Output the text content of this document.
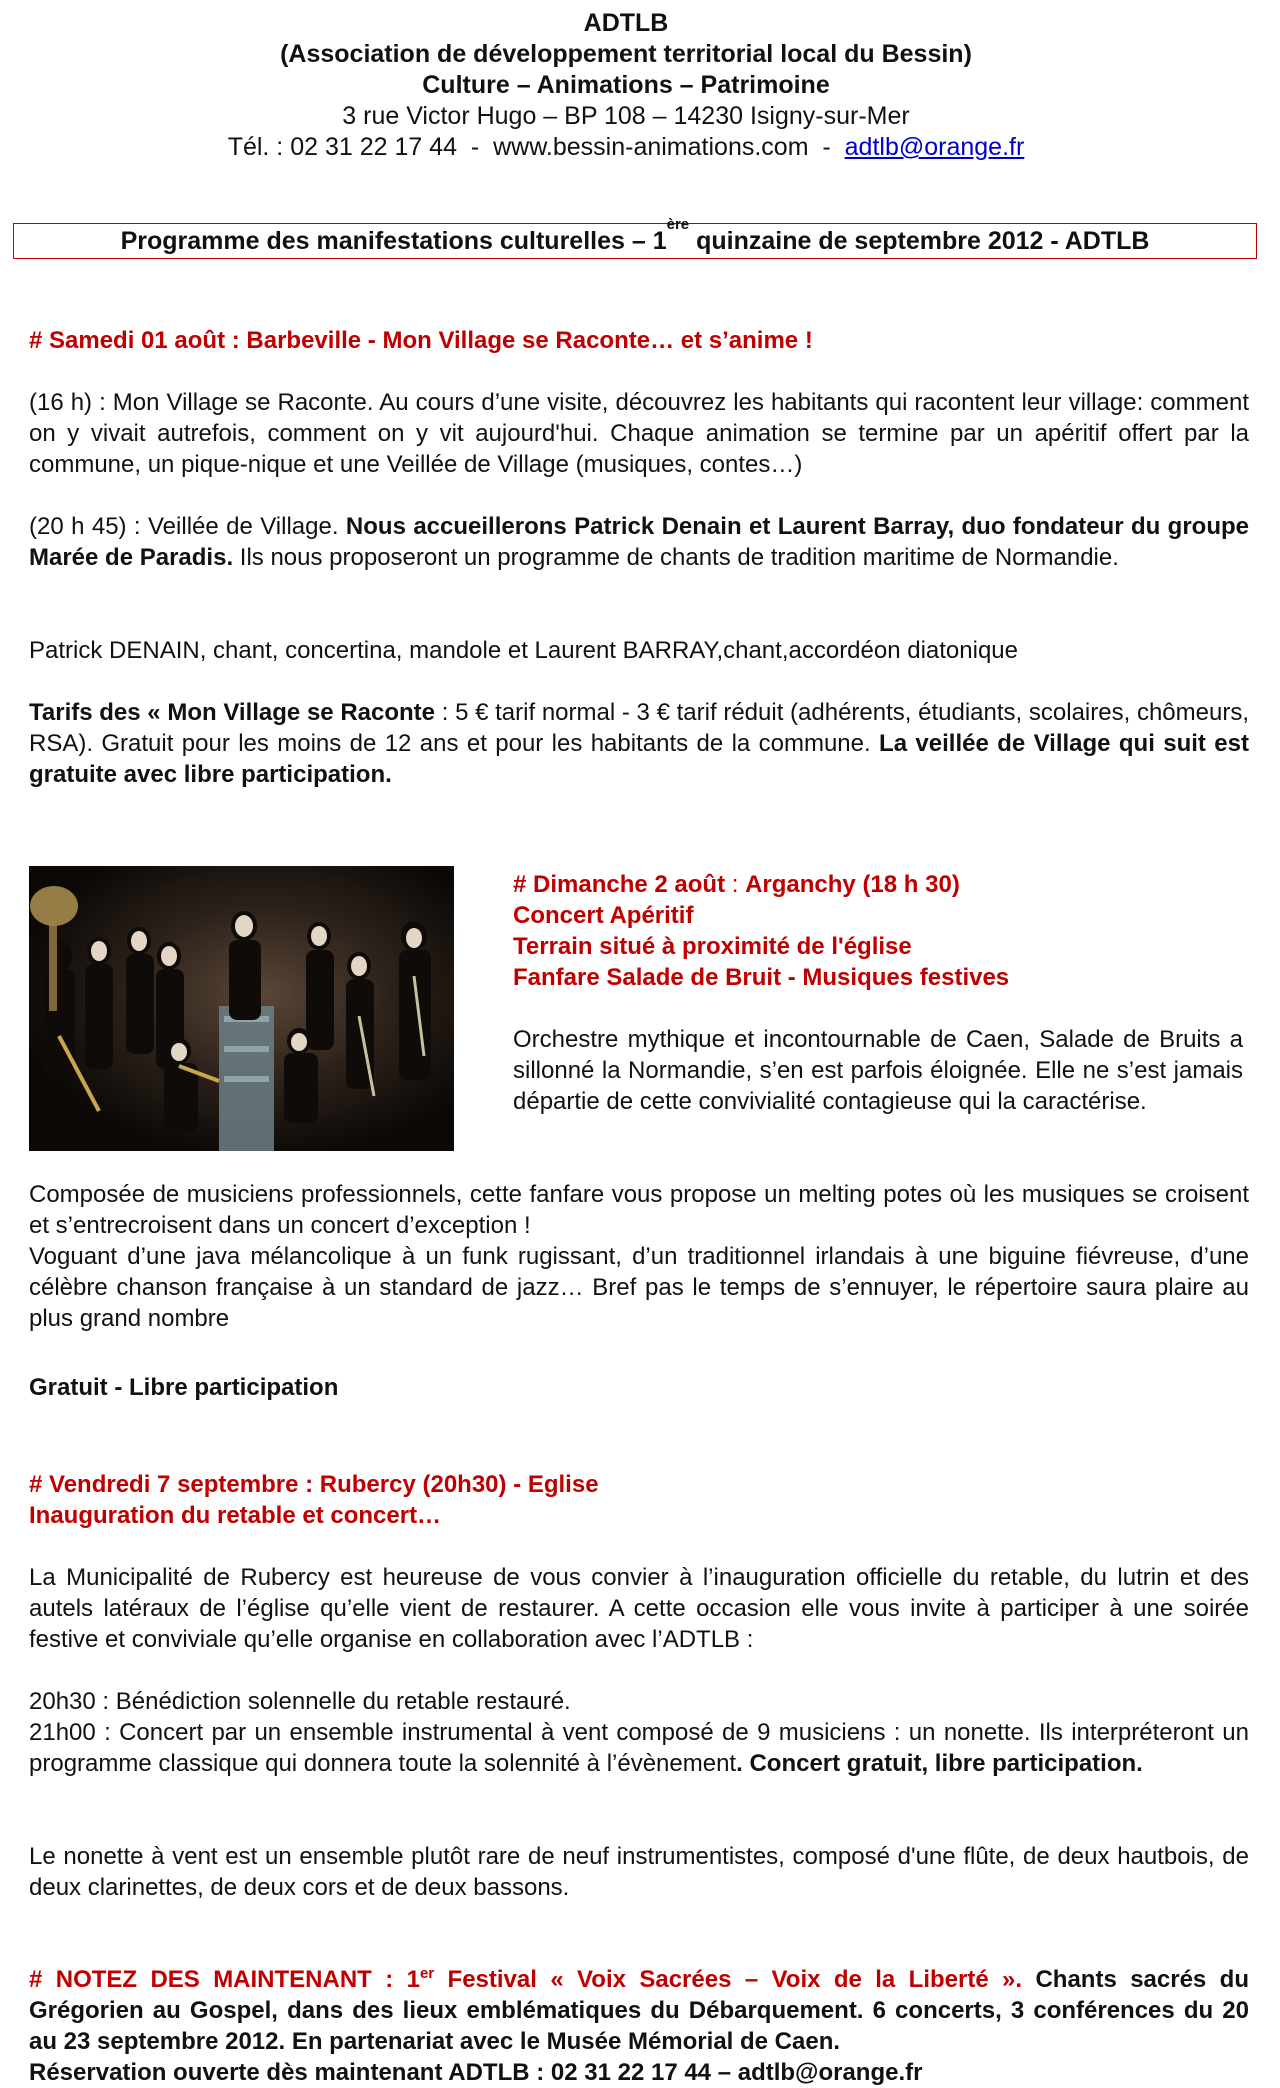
ADTLB
(Association de développement territorial local du Bessin)
Culture – Animations – Patrimoine
3 rue Victor Hugo – BP 108 – 14230 Isigny-sur-Mer
Tél. : 02 31 22 17 44  -  www.bessin-animations.com  -  adtlb@orange.fr
Programme des manifestations culturelles – 1ère quinzaine de septembre 2012 - ADTLB
# Samedi 01 août : Barbeville - Mon Village se Raconte… et s’anime !
(16 h) : Mon Village se Raconte. Au cours d’une visite, découvrez les habitants qui racontent leur village: comment on y vivait autrefois, comment on y vit aujourd'hui. Chaque animation se termine par un apéritif offert par la commune, un pique-nique et une Veillée de Village (musiques, contes…)
(20 h 45) : Veillée de Village. Nous accueillerons Patrick Denain et Laurent Barray, duo fondateur du groupe Marée de Paradis. Ils nous proposeront un programme de chants de tradition maritime de Normandie.
Patrick DENAIN, chant, concertina, mandole et Laurent BARRAY,chant,accordéon diatonique
Tarifs des « Mon Village se Raconte : 5 € tarif normal - 3 € tarif réduit (adhérents, étudiants, scolaires, chômeurs, RSA). Gratuit pour les moins de 12 ans et pour les habitants de la commune. La veillée de Village qui suit est gratuite avec libre participation.

# Dimanche 2 août : Arganchy (18 h 30)

Concert Apéritif

Terrain situé à proximité de l'église

Fanfare Salade de Bruit - Musiques festives

Orchestre mythique et incontournable de Caen, Salade de Bruits a sillonné la Normandie, s’en est parfois éloignée. Elle ne s’est jamais départie de cette convivialité contagieuse qui la caractérise.
Composée de musiciens professionnels, cette fanfare vous propose un melting potes où les musiques se croisent et s’entrecroisent dans un concert d’exception !
Voguant d’une java mélancolique à un funk rugissant, d’un traditionnel irlandais à une biguine fiévreuse, d’une célèbre chanson française à un standard de jazz… Bref pas le temps de s’ennuyer, le répertoire saura plaire au plus grand nombre
Gratuit - Libre participation
# Vendredi 7 septembre : Rubercy (20h30) - Eglise
Inauguration du retable et concert…
La Municipalité de Rubercy est heureuse de vous convier à l’inauguration officielle du retable, du lutrin et des autels latéraux de l’église qu’elle vient de restaurer. A cette occasion elle vous invite à participer à une soirée festive et conviviale qu’elle organise en collaboration avec l’ADTLB :
20h30 : Bénédiction solennelle du retable restauré.
21h00 : Concert par un ensemble instrumental à vent composé de 9 musiciens : un nonette. Ils interpréteront un programme classique qui donnera toute la solennité à l’évènement. Concert gratuit, libre participation.
Le nonette à vent est un ensemble plutôt rare de neuf instrumentistes, composé d'une flûte, de deux hautbois, de deux clarinettes, de deux cors et de deux bassons.
# NOTEZ DES MAINTENANT : 1er Festival « Voix Sacrées – Voix de la Liberté ». Chants sacrés du Grégorien au Gospel, dans des lieux emblématiques du Débarquement. 6 concerts, 3 conférences du 20 au 23 septembre 2012. En partenariat avec le Musée Mémorial de Caen.
Réservation ouverte dès maintenant ADTLB : 02 31 22 17 44 – adtlb@orange.fr
